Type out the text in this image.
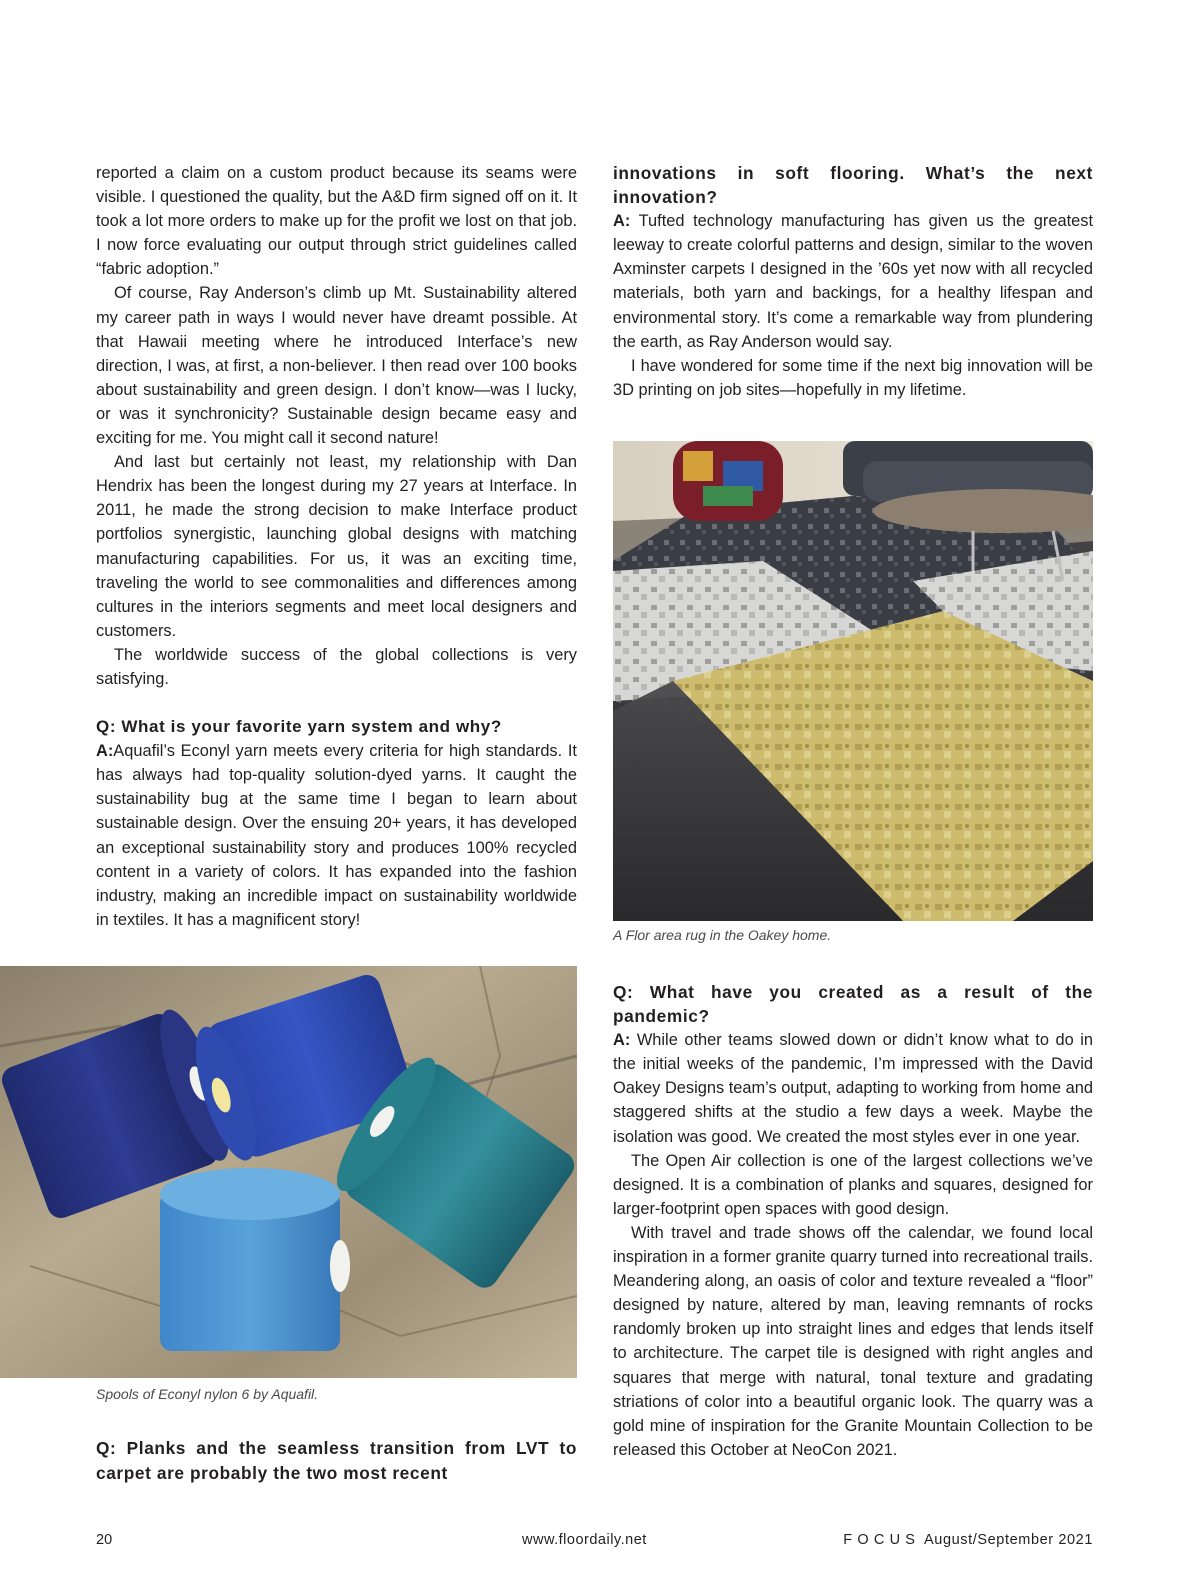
reported a claim on a custom product because its seams were visible. I questioned the quality, but the A&D firm signed off on it. It took a lot more orders to make up for the profit we lost on that job. I now force evaluating our output through strict guidelines called “fabric adoption.”

Of course, Ray Anderson’s climb up Mt. Sustainability altered my career path in ways I would never have dreamt possible. At that Hawaii meeting where he introduced Interface’s new direction, I was, at first, a non-believer. I then read over 100 books about sustainability and green design. I don’t know—was I lucky, or was it synchronicity? Sustainable design became easy and exciting for me. You might call it second nature!

And last but certainly not least, my relationship with Dan Hendrix has been the longest during my 27 years at Interface. In 2011, he made the strong decision to make Interface product portfolios synergistic, launching global designs with matching manufacturing capabilities. For us, it was an exciting time, traveling the world to see commonalities and differences among cultures in the interiors segments and meet local designers and customers.

The worldwide success of the global collections is very satisfying.

Q: What is your favorite yarn system and why?

A:Aquafil’s Econyl yarn meets every criteria for high standards. It has always had top-quality solution-dyed yarns. It caught the sustainability bug at the same time I began to learn about sustainable design. Over the ensuing 20+ years, it has developed an exceptional sustainability story and produces 100% recycled content in a variety of colors. It has expanded into the fashion industry, making an incredible impact on sustainability worldwide in textiles. It has a magnificent story!

Spools of Econyl nylon 6 by Aquafil.

Q: Planks and the seamless transition from LVT to carpet are probably the two most recent

innovations in soft flooring. What’s the next innovation?

A: Tufted technology manufacturing has given us the greatest leeway to create colorful patterns and design, similar to the woven Axminster carpets I designed in the ’60s yet now with all recycled materials, both yarn and backings, for a healthy lifespan and environmental story. It’s come a remarkable way from plundering the earth, as Ray Anderson would say.

I have wondered for some time if the next big innovation will be 3D printing on job sites—hopefully in my lifetime.

A Flor area rug in the Oakey home.

Q: What have you created as a result of the pandemic?

A: While other teams slowed down or didn’t know what to do in the initial weeks of the pandemic, I’m impressed with the David Oakey Designs team’s output, adapting to working from home and staggered shifts at the studio a few days a week. Maybe the isolation was good. We created the most styles ever in one year.

The Open Air collection is one of the largest collections we’ve designed. It is a combination of planks and squares, designed for larger-footprint open spaces with good design.

With travel and trade shows off the calendar, we found local inspiration in a former granite quarry turned into recreational trails. Meandering along, an oasis of color and texture revealed a “floor” designed by nature, altered by man, leaving remnants of rocks randomly broken up into straight lines and edges that lends itself to architecture. The carpet tile is designed with right angles and squares that merge with natural, tonal texture and gradating striations of color into a beautiful organic look. The quarry was a gold mine of inspiration for the Granite Mountain Collection to be released this October at NeoCon 2021.

20	www.floordaily.net	F O C U S  August/September 2021
